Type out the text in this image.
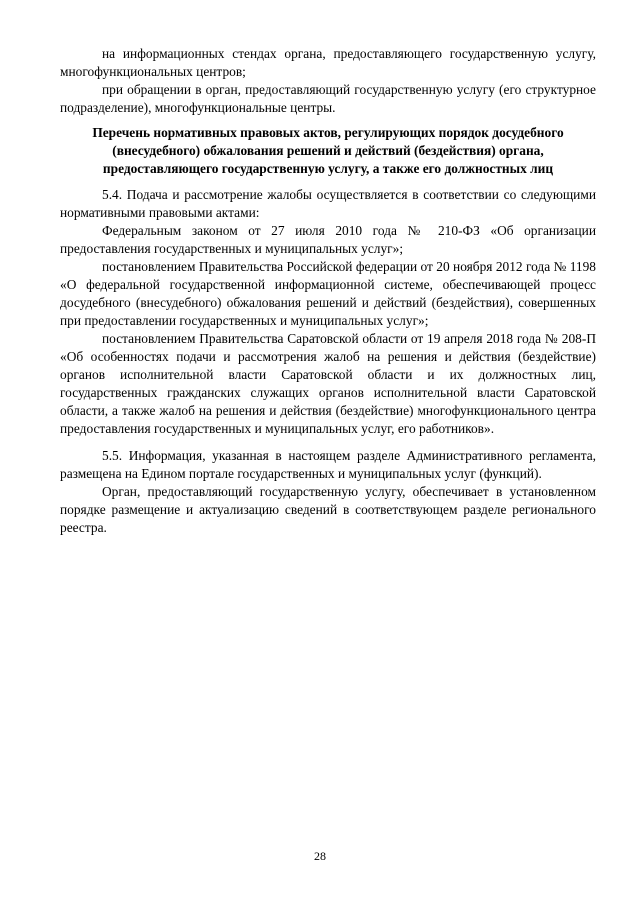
на информационных стендах органа, предоставляющего государственную услугу, многофункциональных центров;

при обращении в орган, предоставляющий государственную услугу (его структурное подразделение), многофункциональные центры.

Перечень нормативных правовых актов, регулирующих порядок досудебного (внесудебного) обжалования решений и действий (бездействия) органа, предоставляющего государственную услугу, а также его должностных лиц

5.4. Подача и рассмотрение жалобы осуществляется в соответствии со следующими нормативными правовыми актами:

Федеральным законом от 27 июля 2010 года № 210-ФЗ «Об организации предоставления государственных и муниципальных услуг»;

постановлением Правительства Российской федерации от 20 ноября 2012 года № 1198 «О федеральной государственной информационной системе, обеспечивающей процесс досудебного (внесудебного) обжалования решений и действий (бездействия), совершенных при предоставлении государственных и муниципальных услуг»;

постановлением Правительства Саратовской области от 19 апреля 2018 года № 208-П «Об особенностях подачи и рассмотрения жалоб на решения и действия (бездействие) органов исполнительной власти Саратовской области и их должностных лиц, государственных гражданских служащих органов исполнительной власти Саратовской области, а также жалоб на решения и действия (бездействие) многофункционального центра предоставления государственных и муниципальных услуг, его работников».

5.5. Информация, указанная в настоящем разделе Административного регламента, размещена на Едином портале государственных и муниципальных услуг (функций).

Орган, предоставляющий государственную услугу, обеспечивает в установленном порядке размещение и актуализацию сведений в соответствующем разделе регионального реестра.

28
